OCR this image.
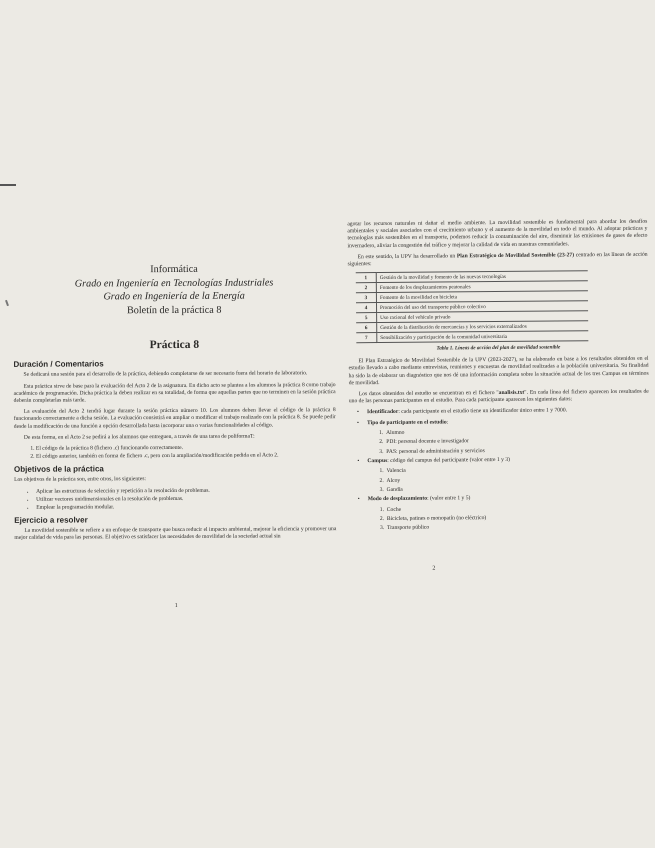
Informática
Grado en Ingeniería en Tecnologías Industriales
Grado en Ingeniería de la Energía
Boletín de la práctica 8
Práctica 8
Duración / Comentarios

Se dedicará una sesión para el desarrollo de la práctica, debiendo completarse de ser necesario fuera del horario de laboratorio.

Esta práctica sirve de base para la evaluación del Acto 2 de la asignatura. En dicho acto se plantea a los alumnos la práctica 8 como trabajo académico de programación. Dicha práctica la deben realizar en su totalidad, de forma que aquellas partes que no terminen en la sesión práctica deberán completarlas más tarde.

La evaluación del Acto 2 tendrá lugar durante la sesión práctica número 10. Los alumnos deben llevar el código de la práctica 8 funcionando correctamente a dicha sesión. La evaluación consistirá en ampliar o modificar el trabajo realizado con la práctica 8. Se puede pedir desde la modificación de una función a opción desarrollada hasta incorporar una o varias funcionalidades al código.

De esta forma, en el Acto 2 se pedirá a los alumnos que entreguen, a través de una tarea de poliformaT:

1. El código de la práctica 8 (fichero .c) funcionando correctamente.
2. El código anterior, también en forma de fichero .c, pero con la ampliación/modificación pedida en el Acto 2.
Objetivos de la práctica

Los objetivos de la práctica son, entre otros, los siguientes:

• Aplicar las estructuras de selección y repetición a la resolución de problemas.
• Utilizar vectores unidimensionales en la resolución de problemas.
• Emplear la programación modular.
Ejercicio a resolver

La movilidad sostenible se refiere a un enfoque de transporte que busca reducir el impacto ambiental, mejorar la eficiencia y promover una mejor calidad de vida para las personas. El objetivo es satisfacer las necesidades de movilidad de la sociedad actual sin

1

agotar los recursos naturales ni dañar el medio ambiente. La movilidad sostenible es fundamental para abordar los desafíos ambientales y sociales asociados con el crecimiento urbano y el aumento de la movilidad en todo el mundo. Al adoptar prácticas y tecnologías más sostenibles en el transporte, podemos reducir la contaminación del aire, disminuir las emisiones de gases de efecto invernadero, aliviar la congestión del tráfico y mejorar la calidad de vida en nuestras comunidades.

En este sentido, la UPV ha desarrollado un Plan Estratégico de Movilidad Sostenible (23-27) centrado en las líneas de acción siguientes:

1	Gestión de la movilidad y fomento de las nuevas tecnologías
2	Fomento de los desplazamientos peatonales
3	Fomento de la movilidad en bicicleta
4	Promoción del uso del transporte público colectivo
5	Uso racional del vehículo privado
6	Gestión de la distribución de mercancías y los servicios externalizados
7	Sensibilización y participación de la comunidad universitaria
Tabla 1. Líneas de acción del plan de movilidad sostenible

El Plan Estratégico de Movilidad Sostenible de la UPV (2023-2027), se ha elaborado en base a los resultados obtenidos en el estudio llevado a cabo mediante entrevistas, reuniones y encuestas de movilidad realizadas a la población universitaria. Su finalidad ha sido la de elaborar un diagnóstico que nos dé una información completa sobre la situación actual de los tres Campus en términos de movilidad.

Los datos obtenidos del estudio se encuentran en el fichero "analisis.txt". En cada línea del fichero aparecen los resultados de uno de las personas participantes en el estudio. Para cada participante aparecen los siguientes datos:

• Identificador: cada participante en el estudio tiene un identificador único entre 1 y 7000.
• Tipo de participante en el estudio:
1.  Alumno
2.  PDI: personal docente e investigador
3.  PAS: personal de administración y servicios
• Campus: código del campus del participante (valor entre 1 y 3)
1.  Valencia
2.  Alcoy
3.  Gandía
• Modo de desplazamiento: (valor entre 1 y 5)
1.  Coche
2.  Bicicleta, patines o monopatín (no eléctrico)
3.  Transporte público
2
